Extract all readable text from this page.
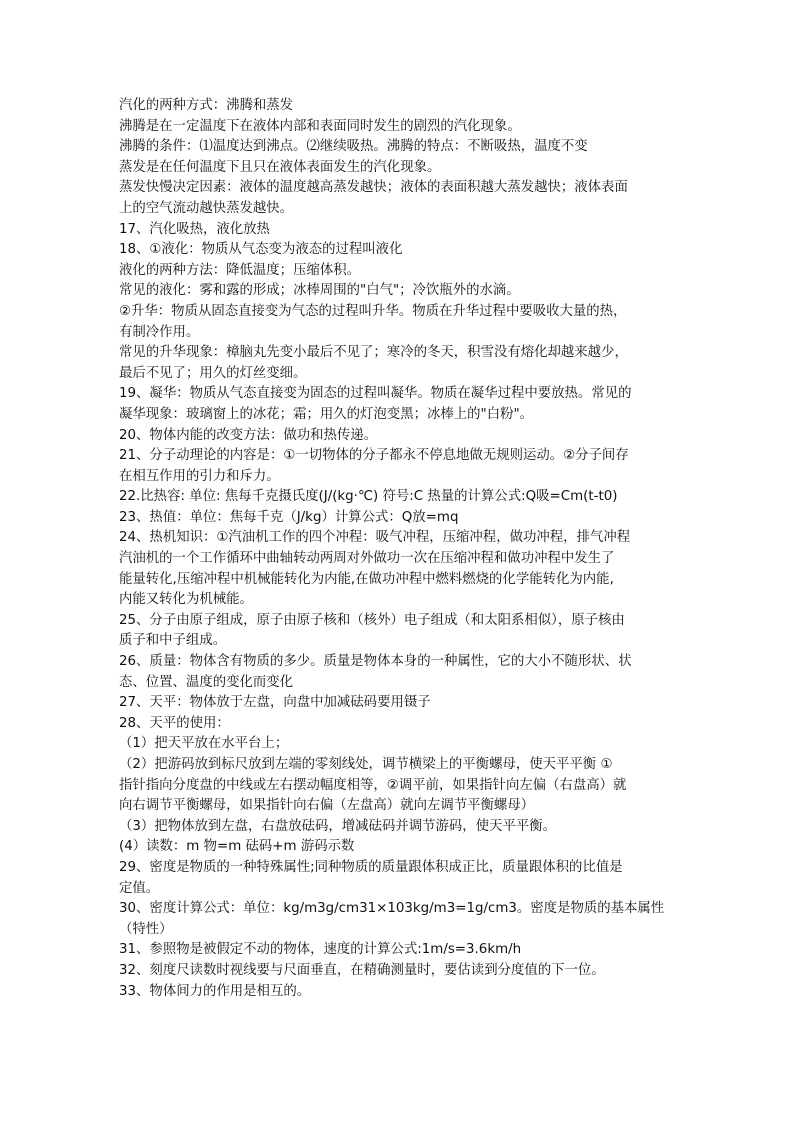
汽化的两种方式：沸腾和蒸发
沸腾是在一定温度下在液体内部和表面同时发生的剧烈的汽化现象。
沸腾的条件：⑴温度达到沸点。⑵继续吸热。沸腾的特点：不断吸热，温度不变
蒸发是在任何温度下且只在液体表面发生的汽化现象。
蒸发快慢决定因素：液体的温度越高蒸发越快；液体的表面积越大蒸发越快；液体表面
上的空气流动越快蒸发越快。
17、汽化吸热，液化放热
18、①液化：物质从气态变为液态的过程叫液化
液化的两种方法：降低温度；压缩体积。
常见的液化：雾和露的形成；冰棒周围的"白气"；冷饮瓶外的水滴。
②升华：物质从固态直接变为气态的过程叫升华。物质在升华过程中要吸收大量的热，
有制冷作用。
常见的升华现象：樟脑丸先变小最后不见了；寒冷的冬天，积雪没有熔化却越来越少，
最后不见了；用久的灯丝变细。
19、凝华：物质从气态直接变为固态的过程叫凝华。物质在凝华过程中要放热。常见的
凝华现象：玻璃窗上的冰花；霜；用久的灯泡变黑；冰棒上的"白粉"。
20、物体内能的改变方法：做功和热传递。
21、分子动理论的内容是：①一切物体的分子都永不停息地做无规则运动。②分子间存
在相互作用的引力和斥力。
22.比热容: 单位: 焦每千克摄氏度(J/(kg·℃) 符号:C 热量的计算公式:Q吸=Cm(t-t0)
23、热值：单位：焦每千克（J/kg）计算公式：Q放=mq
24、热机知识：①汽油机工作的四个冲程：吸气冲程，压缩冲程，做功冲程，排气冲程
汽油机的一个工作循环中曲轴转动两周对外做功一次在压缩冲程和做功冲程中发生了
能量转化,压缩冲程中机械能转化为内能,在做功冲程中燃料燃烧的化学能转化为内能,
内能又转化为机械能。
25、分子由原子组成，原子由原子核和（核外）电子组成（和太阳系相似），原子核由
质子和中子组成。
26、质量：物体含有物质的多少。质量是物体本身的一种属性，它的大小不随形状、状
态、位置、温度的变化而变化
27、天平：物体放于左盘，向盘中加减砝码要用镊子
28、天平的使用：
（1）把天平放在水平台上；
（2）把游码放到标尺放到左端的零刻线处，调节横梁上的平衡螺母，使天平平衡 ①
指针指向分度盘的中线或左右摆动幅度相等，②调平前，如果指针向左偏（右盘高）就
向右调节平衡螺母，如果指针向右偏（左盘高）就向左调节平衡螺母）
（3）把物体放到左盘，右盘放砝码，增减砝码并调节游码，使天平平衡。
(4）读数：m 物=m 砝码+m 游码示数
29、密度是物质的一种特殊属性;同种物质的质量跟体积成正比，质量跟体积的比值是
定值。
30、密度计算公式：单位：kg/m3g/cm31×103kg/m3=1g/cm3。密度是物质的基本属性
（特性）
31、参照物是被假定不动的物体，速度的计算公式:1m/s=3.6km/h
32、刻度尺读数时视线要与尺面垂直，在精确测量时，要估读到分度值的下一位。
33、物体间力的作用是相互的。
